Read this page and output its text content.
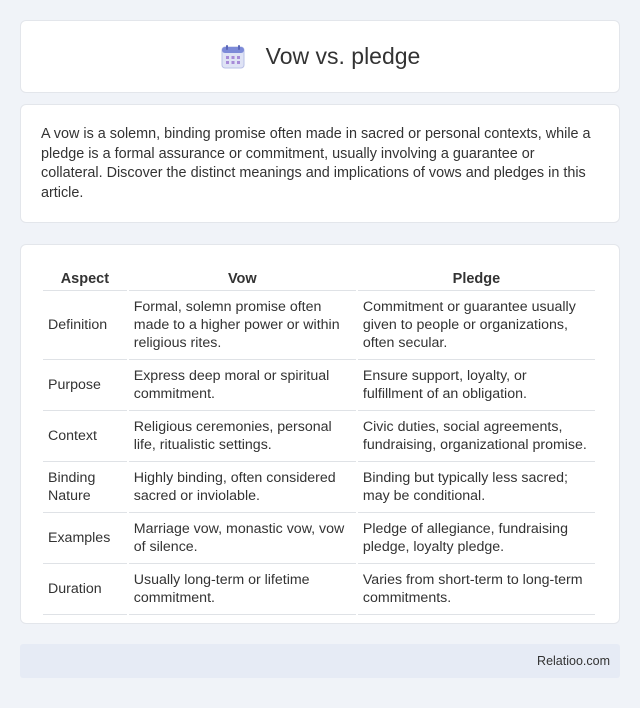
Vow vs. pledge

A vow is a solemn, binding promise often made in sacred or personal contexts, while a pledge is a formal assurance or commitment, usually involving a guarantee or collateral. Discover the distinct meanings and implications of vows and pledges in this article.

Aspect	Vow	Pledge
Definition	Formal, solemn promise often made to a higher power or within religious rites.	Commitment or guarantee usually given to people or organizations, often secular.
Purpose	Express deep moral or spiritual commitment.	Ensure support, loyalty, or fulfillment of an obligation.
Context	Religious ceremonies, personal life, ritualistic settings.	Civic duties, social agreements, fundraising, organizational promise.
Binding Nature	Highly binding, often considered sacred or inviolable.	Binding but typically less sacred; may be conditional.
Examples	Marriage vow, monastic vow, vow of silence.	Pledge of allegiance, fundraising pledge, loyalty pledge.
Duration	Usually long-term or lifetime commitment.	Varies from short-term to long-term commitments.
Relatioo.com
